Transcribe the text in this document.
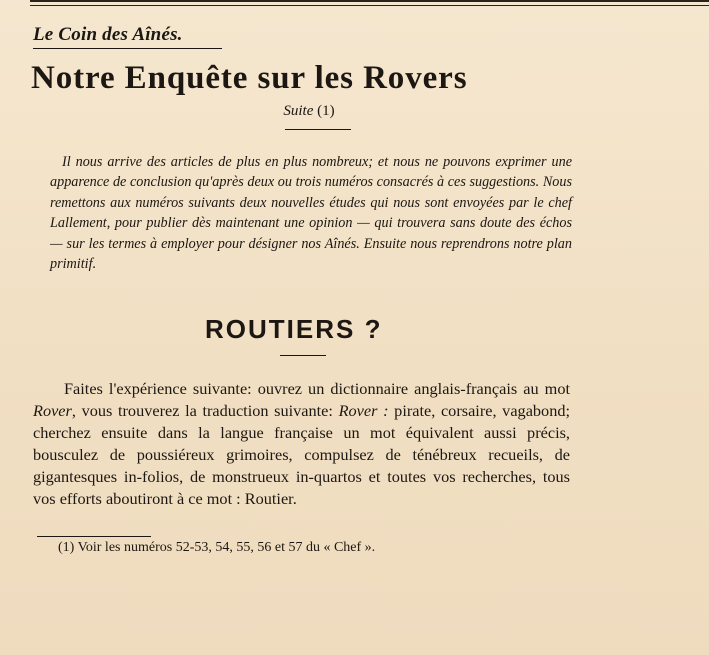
Le Coin des Aînés.
Notre Enquête sur les Rovers
Suite (1)

Il nous arrive des articles de plus en plus nombreux; et nous ne pouvons exprimer une apparence de conclusion qu'après deux ou trois numéros consacrés à ces suggestions. Nous remettons aux numéros suivants deux nouvelles études qui nous sont envoyées par le chef Lallement, pour publier dès maintenant une opinion — qui trouvera sans doute des échos — sur les termes à employer pour désigner nos Aînés. Ensuite nous reprendrons notre plan primitif.

ROUTIERS ?

Faites l'expérience suivante: ouvrez un dictionnaire anglais-français au mot Rover, vous trouverez la traduction suivante: Rover : pirate, corsaire, vagabond; cherchez ensuite dans la langue française un mot équivalent aussi précis, bousculez de poussiéreux grimoires, compulsez de ténébreux recueils, de gigantesques in-folios, de monstrueux in-quartos et toutes vos recherches, tous vos efforts aboutiront à ce mot : Routier.

(1) Voir les numéros 52-53, 54, 55, 56 et 57 du « Chef ».
